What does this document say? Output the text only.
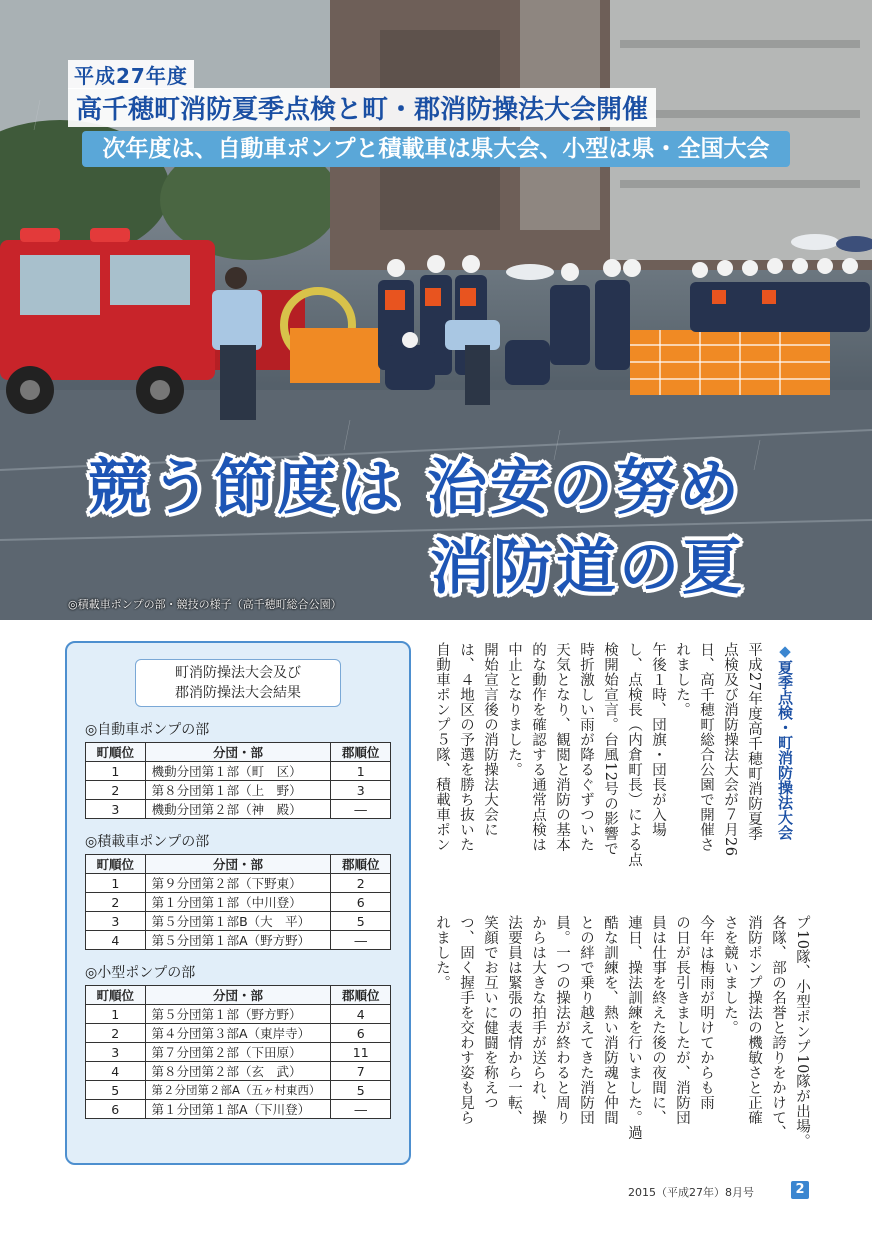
平成27年度
高千穂町消防夏季点検と町・郡消防操法大会開催
次年度は、自動車ポンプと積載車は県大会、小型は県・全国大会
競う節度は 治安の努め
消防道の夏
◎積載車ポンプの部・競技の様子（高千穂町総合公園）
町消防操法大会及び
郡消防操法大会結果
◎自動車ポンプの部
町順位	分団・部	郡順位
1	機動分団第１部（町　区）	1
2	第８分団第１部（上　野）	3
3	機動分団第２部（神　殿）	―
◎積載車ポンプの部
町順位	分団・部	郡順位
1	第９分団第２部（下野東）	2
2	第１分団第１部（中川登）	6
3	第５分団第１部B（大　平）	5
4	第５分団第１部A（野方野）	―
◎小型ポンプの部
町順位	分団・部	郡順位
1	第５分団第１部（野方野）	4
2	第４分団第３部A（東岸寺）	6
3	第７分団第２部（下田原）	11
4	第８分団第２部（玄　武）	7
5	第２分団第２部A（五ヶ村東西）	5
6	第１分団第１部A（下川登）	―
◆夏季点検・町消防操法大会
平成27年度高千穂町消防夏季
点検及び消防操法大会が７月26
日、高千穂町総合公園で開催さ
れました。
午後１時、団旗・団長が入場
し、点検長（内倉町長）による点
検開始宣言。台風12号の影響で
時折激しい雨が降るぐずついた
天気となり、観閲と消防の基本
的な動作を確認する通常点検は
中止となりました。
開始宣言後の消防操法大会に
は、４地区の予選を勝ち抜いた
自動車ポンプ５隊、積載車ポン
プ10隊、小型ポンプ10隊が出場。
各隊、部の名誉と誇りをかけて、
消防ポンプ操法の機敏さと正確
さを競いました。
今年は梅雨が明けてからも雨
の日が長引きましたが、消防団
員は仕事を終えた後の夜間に、
連日、操法訓練を行いました。過
酷な訓練を、熱い消防魂と仲間
との絆で乗り越えてきた消防団
員。一つの操法が終わると周り
からは大きな拍手が送られ、操
法要員は緊張の表情から一転、
笑顔でお互いに健闘を称えつ
つ、固く握手を交わす姿も見ら
れました。
2015（平成27年）8月号	2
